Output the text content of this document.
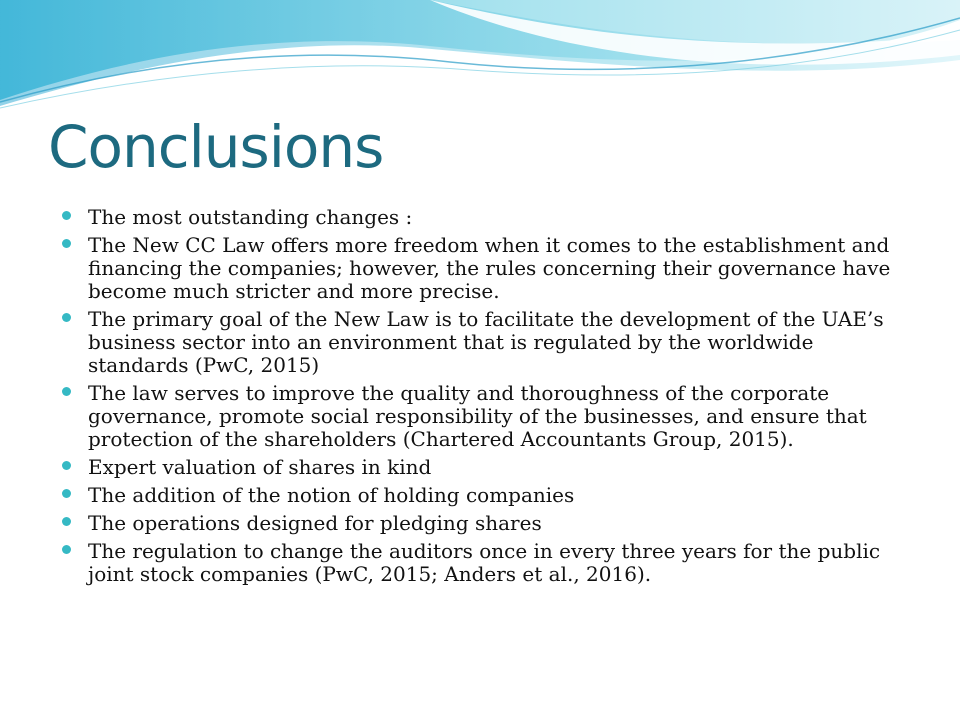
Conclusions
The most outstanding changes :
The New CC Law offers more freedom when it comes to the establishment and financing the companies; however, the rules concerning their governance have become much stricter and more precise.
The primary goal of the New Law is to facilitate the development of the UAE’s business sector into an environment that is regulated by the worldwide standards (PwC, 2015)
The law serves to improve the quality and thoroughness of the corporate governance, promote social responsibility of the businesses, and ensure that protection of the shareholders (Chartered Accountants Group, 2015).
Expert valuation of shares in kind
The addition of the notion of holding companies
The operations designed for pledging shares
The regulation to change the auditors once in every three years for the public joint stock companies (PwC, 2015; Anders et al., 2016).
